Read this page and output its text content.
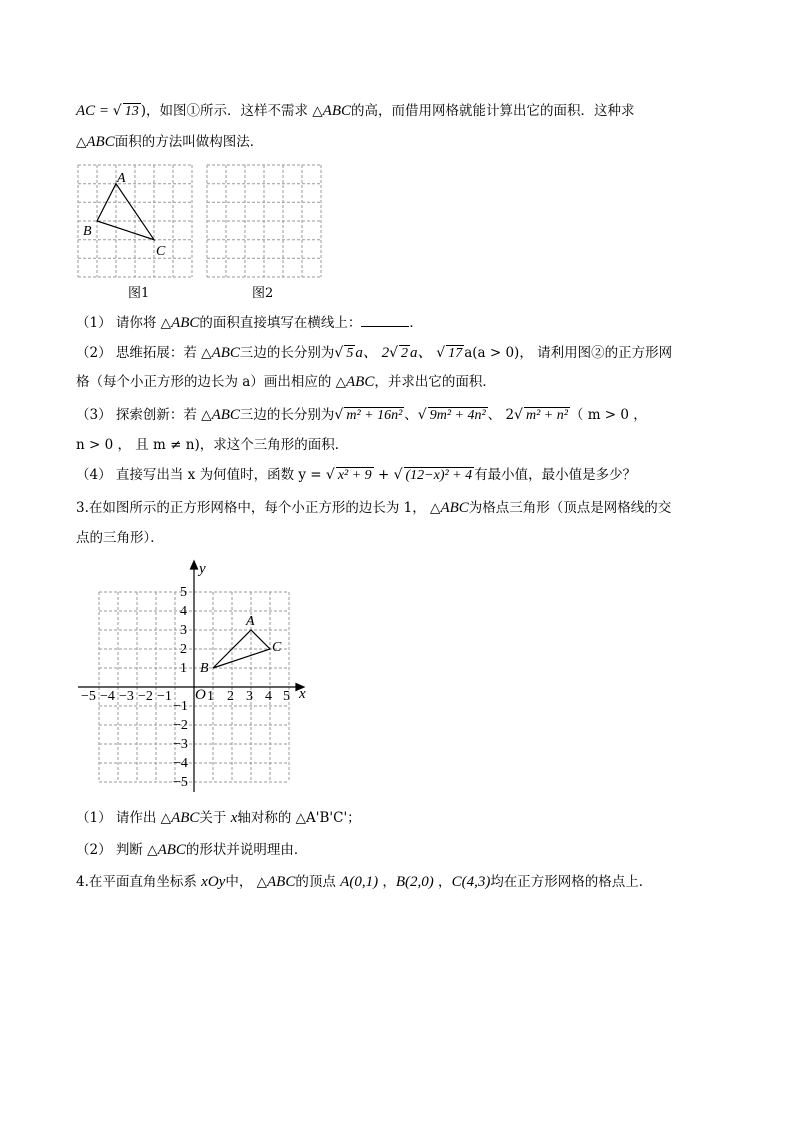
AC = √ 13 )，如图①所示．这样不需求 △ABC的高，而借用网格就能计算出它的面积．这种求
△ABC面积的方法叫做构图法．
A
B
C
图1	图2
（1） 请你将 △ABC的面积直接填写在横线上：	．
（2） 思维拓展：若 △ABC三边的长分别为√ 5 a、 2√ 2 a、 √ 17 a(a > 0)， 请利用图②的正方形网
格（每个小正方形的边长为 a）画出相应的 △ABC，并求出它的面积．
（3） 探索创新：若 △ABC三边的长分别为√ m² + 16n² 、√ 9m² + 4n² 、 2√ m² + n² （ m > 0 ，
n > 0 ， 且 m ≠ n)，求这个三角形的面积．
（4） 直接写出当 x 为何值时，函数 y = √ x² + 9 + √ (12−x)² + 4 有最小值，最小值是多少？
3.在如图所示的正方形网格中，每个小正方形的边长为 1， △ABC为格点三角形（顶点是网格线的交
点的三角形）．
x
y
O
−5 −4 −3 −2 −1	1 2 3 4 5
1
2
3
4
5
−1
−2
−3
−4
−5
A
B
C
（1） 请作出 △ABC关于 x轴对称的 △A'B'C'；
（2） 判断 △ABC的形状并说明理由．
4.在平面直角坐标系 xOy中， △ABC的顶点 A(0,1) ，B(2,0) ，C(4,3)均在正方形网格的格点上．
